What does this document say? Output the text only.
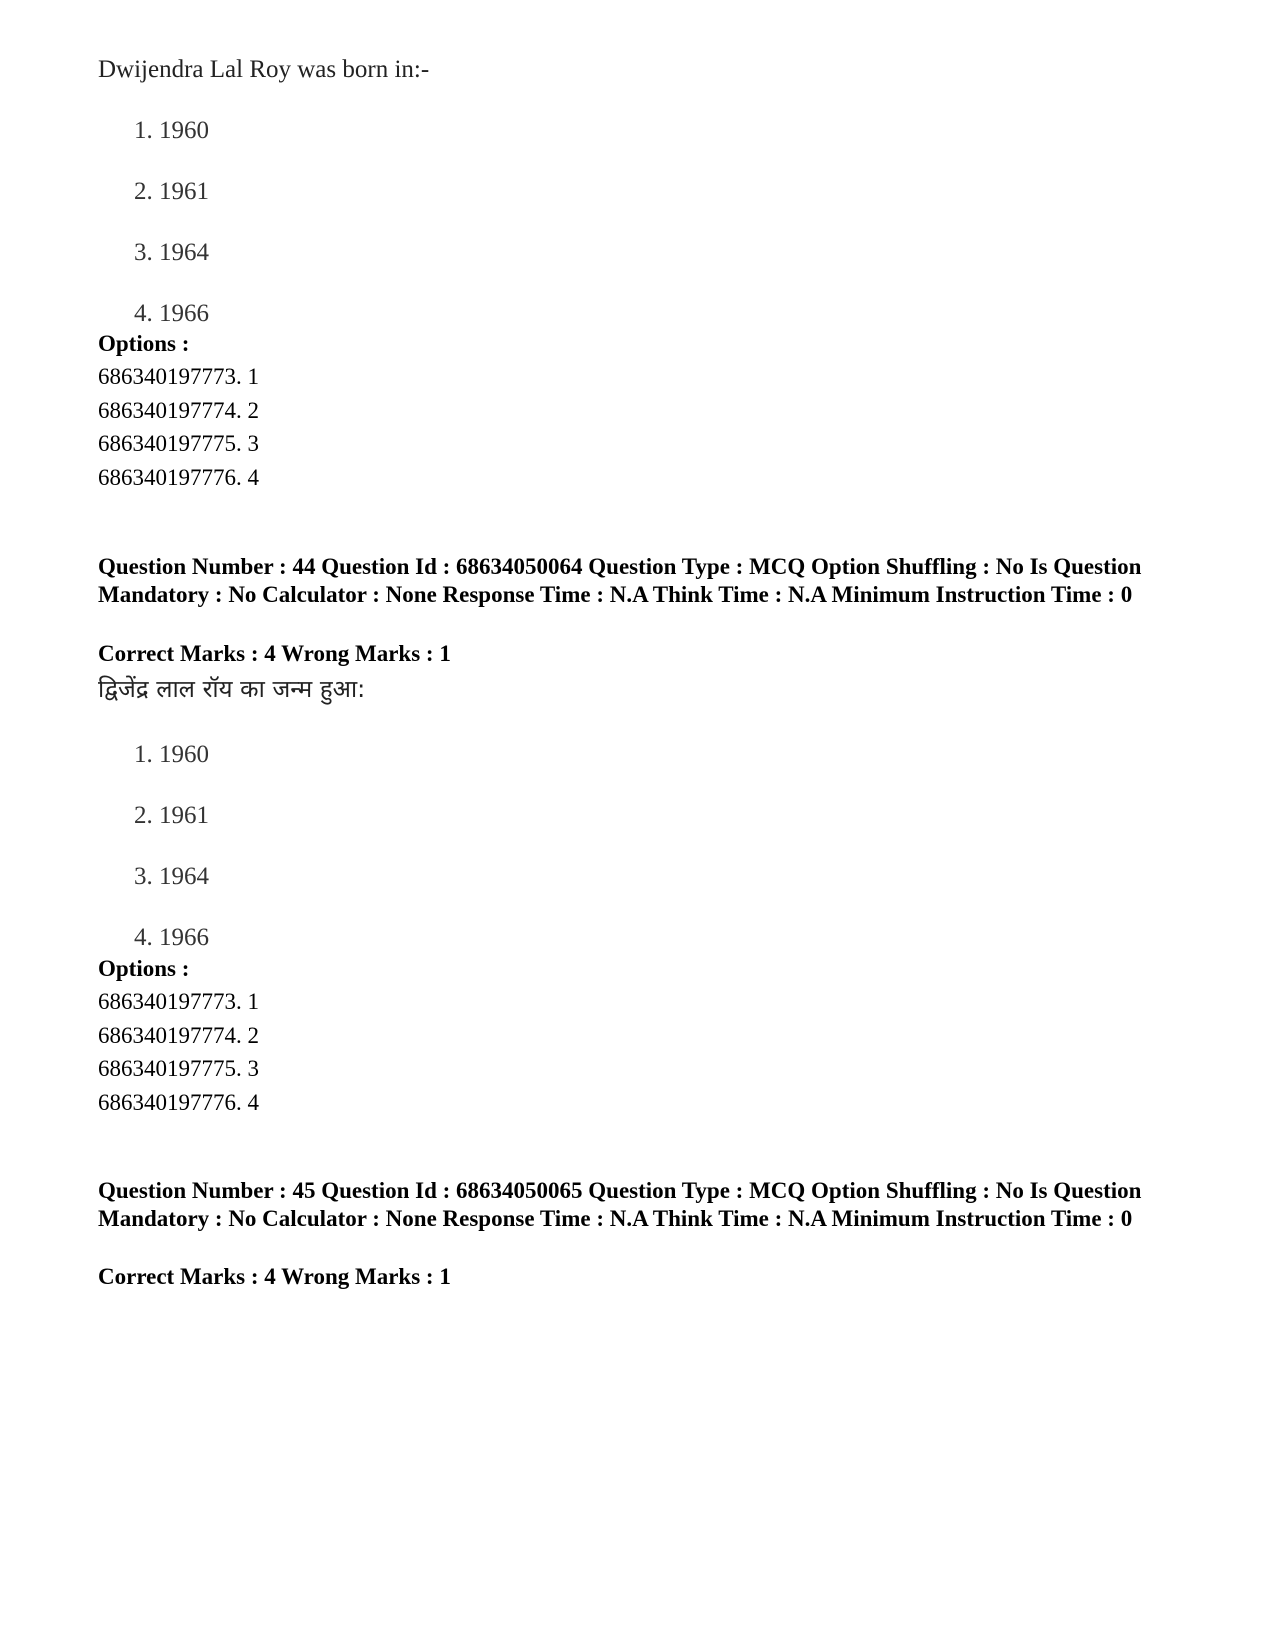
Dwijendra Lal Roy was born in:-

1. 1960
2. 1961
3. 1964
4. 1966
Options :
686340197773. 1
686340197774. 2
686340197775. 3
686340197776. 4

Question Number : 44 Question Id : 68634050064 Question Type : MCQ Option Shuffling : No Is Question Mandatory : No Calculator : None Response Time : N.A Think Time : N.A Minimum Instruction Time : 0

Correct Marks : 4 Wrong Marks : 1

द्विजेंद्र लाल रॉय का जन्म हुआ:

1. 1960
2. 1961
3. 1964
4. 1966
Options :
686340197773. 1
686340197774. 2
686340197775. 3
686340197776. 4

Question Number : 45 Question Id : 68634050065 Question Type : MCQ Option Shuffling : No Is Question Mandatory : No Calculator : None Response Time : N.A Think Time : N.A Minimum Instruction Time : 0

Correct Marks : 4 Wrong Marks : 1
